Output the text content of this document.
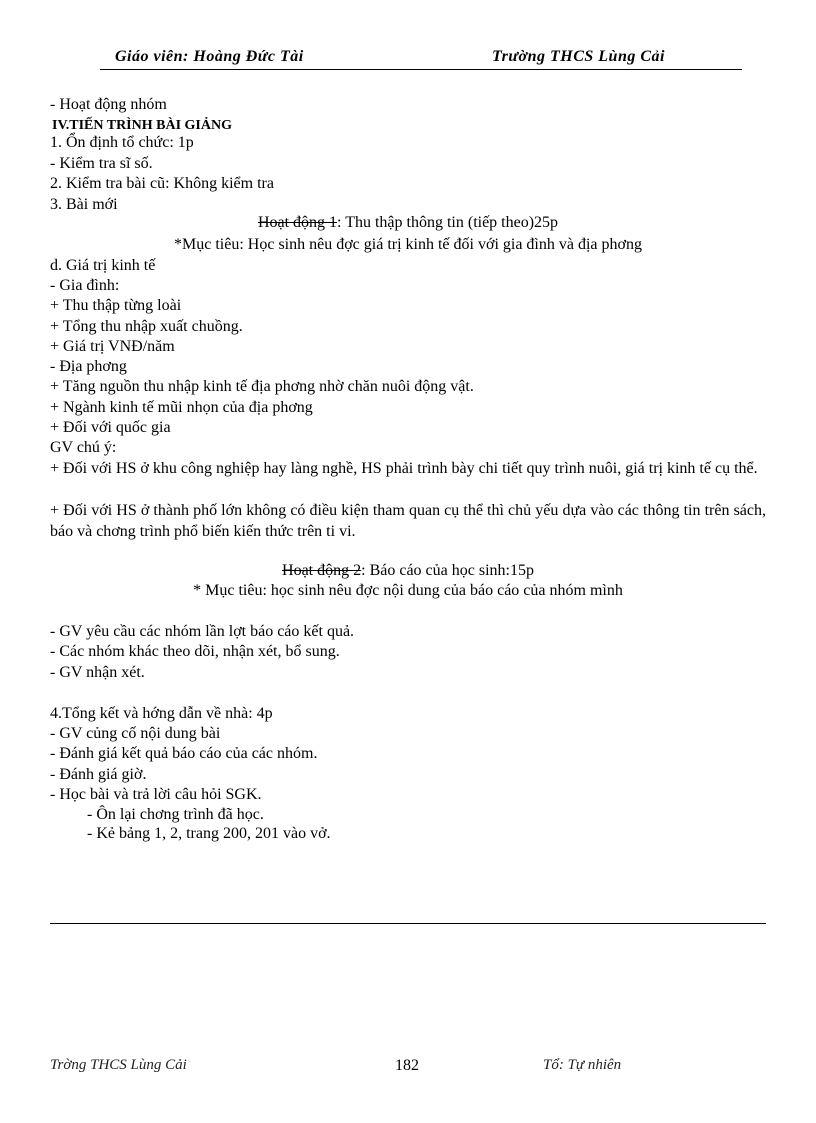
Giáo viên: Hoàng Đức Tài	Trường THCS Lùng Cải
- Hoạt động nhóm
IV.TIẾN TRÌNH BÀI GIẢNG
1. Ổn định tổ chức: 1p
- Kiểm tra sĩ số.
2. Kiểm tra bài cũ: Không kiểm tra
3. Bài mới
Hoạt động 1: Thu thập thông tin (tiếp theo)25p
*Mục tiêu: Học sinh nêu đợc giá trị kinh tế đối với gia đình và địa phơng
d. Giá trị kinh tế
- Gia đình:
+ Thu thập từng loài
+ Tổng thu nhập xuất chuồng.
+ Giá trị VNĐ/năm
- Địa phơng
+ Tăng nguồn thu nhập kinh tế địa phơng nhờ chăn nuôi động vật.
+ Ngành kinh tế mũi nhọn của địa phơng
+ Đối với quốc gia
GV chú ý:
+ Đối với HS ở khu công nghiệp hay làng nghề, HS phải trình bày chi tiết quy trình nuôi, giá trị kinh tế cụ thể.
+ Đối với HS ở thành phố lớn không có điều kiện tham quan cụ thể thì chủ yếu dựa vào các thông tin trên sách, báo và chơng trình phổ biến kiến thức trên ti vi.
Hoạt động 2: Báo cáo của học sinh:15p
* Mục tiêu: học sinh nêu đợc nội dung của báo cáo của nhóm mình
- GV yêu cầu các nhóm lần lợt báo cáo kết quả.
- Các nhóm khác theo dõi, nhận xét, bổ sung.
- GV nhận xét.
4.Tổng kết và hớng dẫn về nhà: 4p
- GV củng cố nội dung bài
- Đánh giá kết quả báo cáo của các nhóm.
- Đánh giá giờ.
- Học bài và trả lời câu hỏi SGK.
- Ôn lại chơng trình đã học.
- Kẻ bảng 1, 2, trang 200, 201 vào vở.
Trờng THCS Lùng Cải	182	Tổ: Tự nhiên
